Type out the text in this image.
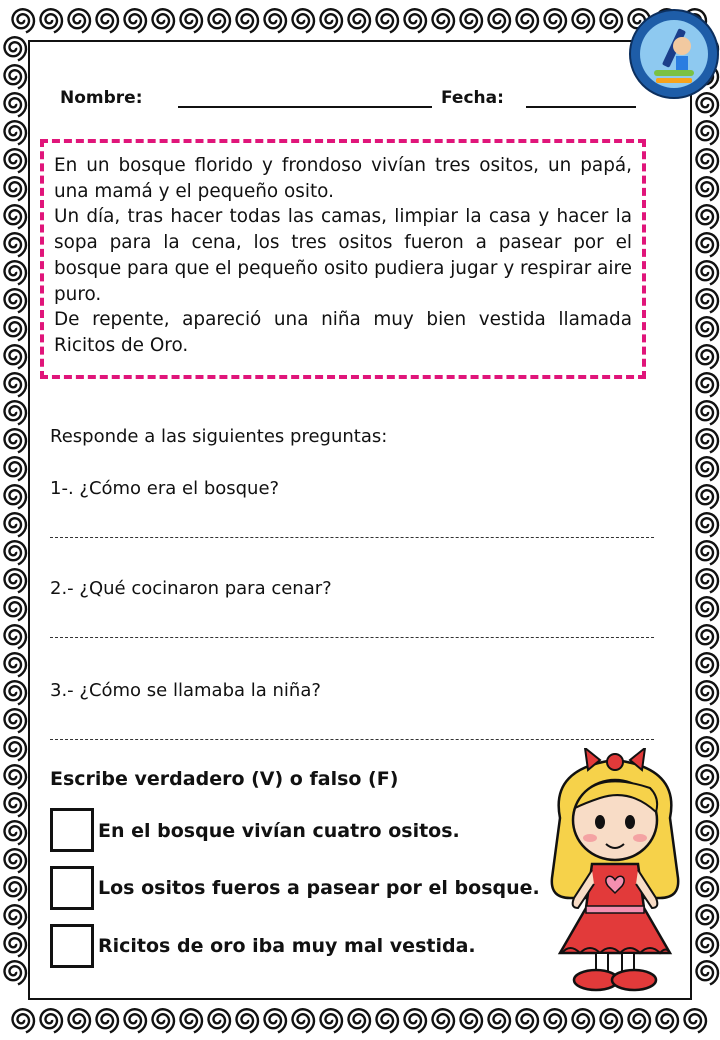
Nombre:	Fecha:

En un bosque florido y frondoso vivían tres ositos, un papá, una mamá y el pequeño osito.

Un día, tras hacer todas las camas, limpiar la casa y hacer la sopa para la cena, los tres ositos fueron a pasear por el bosque para que el pequeño osito pudiera jugar y respirar aire puro.

De repente, apareció una niña muy bien vestida llamada Ricitos de Oro.

Responde a las siguientes preguntas:
1-. ¿Cómo era el bosque?
2.- ¿Qué cocinaron para cenar?
3.- ¿Cómo se llamaba la niña?
Escribe verdadero (V) o falso (F)
En el bosque vivían cuatro ositos.
Los ositos fueros a pasear por el bosque.
Ricitos de oro iba muy mal vestida.
